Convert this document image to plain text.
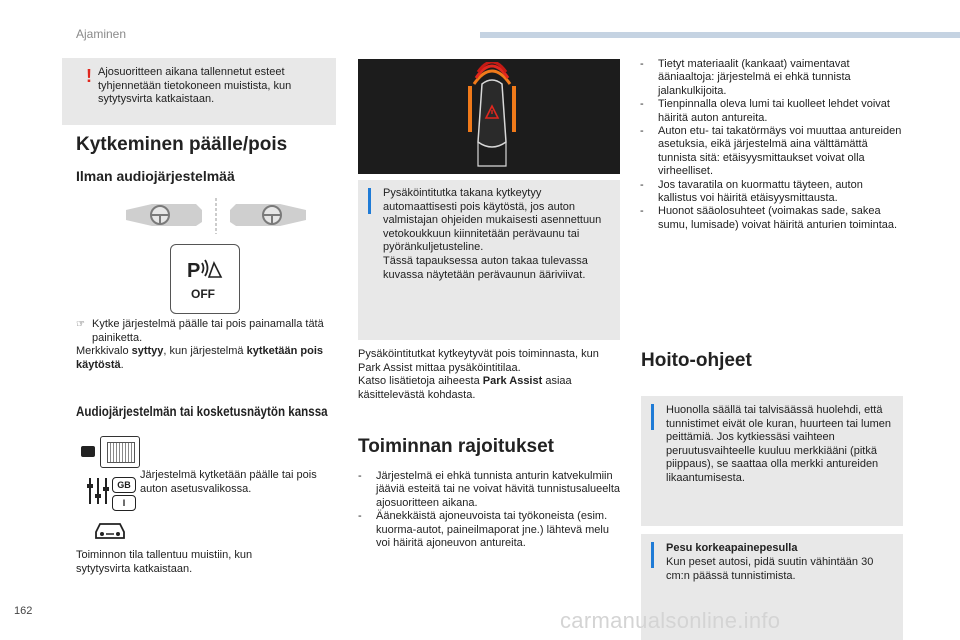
Ajaminen
! Ajosuoritteen aikana tallennetut esteet tyhjennetään tietokoneen muistista, kun sytytysvirta katkaistaan.
Kytkeminen päälle/pois
Ilman audiojärjestelmää
P
OFF
☞ Kytke järjestelmä päälle tai pois painamalla tätä painiketta.
Merkkivalo syttyy, kun järjestelmä kytketään pois käytöstä.
Audiojärjestelmän tai kosketusnäytön kanssa
GB
I
Järjestelmä kytketään päälle tai pois auton asetusvalikossa.
Toiminnon tila tallentuu muistiin, kun sytytysvirta katkaistaan.
Pysäköintitutka takana kytkeytyy automaattisesti pois käytöstä, jos auton valmistajan ohjeiden mukaisesti asennettuun vetokoukkuun kiinnitetään perävaunu tai pyöränkuljetusteline.
Tässä tapauksessa auton takaa tulevassa kuvassa näytetään perävaunun ääriviivat.
Pysäköintitutkat kytkeytyvät pois toiminnasta, kun Park Assist mittaa pysäköintitilaa.
Katso lisätietoja aiheesta Park Assist asiaa käsittelevästä kohdasta.
Toiminnan rajoitukset
- Järjestelmä ei ehkä tunnista anturin katvekulmiin jääviä esteitä tai ne voivat hävitä tunnistusalueelta ajosuoritteen aikana.
- Äänekkäistä ajoneuvoista tai työkoneista (esim. kuorma-autot, paineilmaporat jne.) lähtevä melu voi häiritä ajoneuvon antureita.
- Tietyt materiaalit (kankaat) vaimentavat ääniaaltoja: järjestelmä ei ehkä tunnista jalankulkijoita.
- Tienpinnalla oleva lumi tai kuolleet lehdet voivat häiritä auton antureita.
- Auton etu- tai takatörmäys voi muuttaa antureiden asetuksia, eikä järjestelmä aina välttämättä tunnista sitä: etäisyysmittaukset voivat olla virheelliset.
- Jos tavaratila on kuormattu täyteen, auton kallistus voi häiritä etäisyysmittausta.
- Huonot sääolosuhteet (voimakas sade, sakea sumu, lumisade) voivat häiritä anturien toimintaa.
Hoito-ohjeet
Huonolla säällä tai talvisäässä huolehdi, että tunnistimet eivät ole kuran, huurteen tai lumen peittämiä. Jos kytkiessäsi vaihteen peruutusvaihteelle kuuluu merkkiääni (pitkä piippaus), se saattaa olla merkki antureiden likaantumisesta.
Pesu korkeapainepesulla
Kun peset autosi, pidä suutin vähintään 30 cm:n päässä tunnistimista.
162	carmanualsonline.info
